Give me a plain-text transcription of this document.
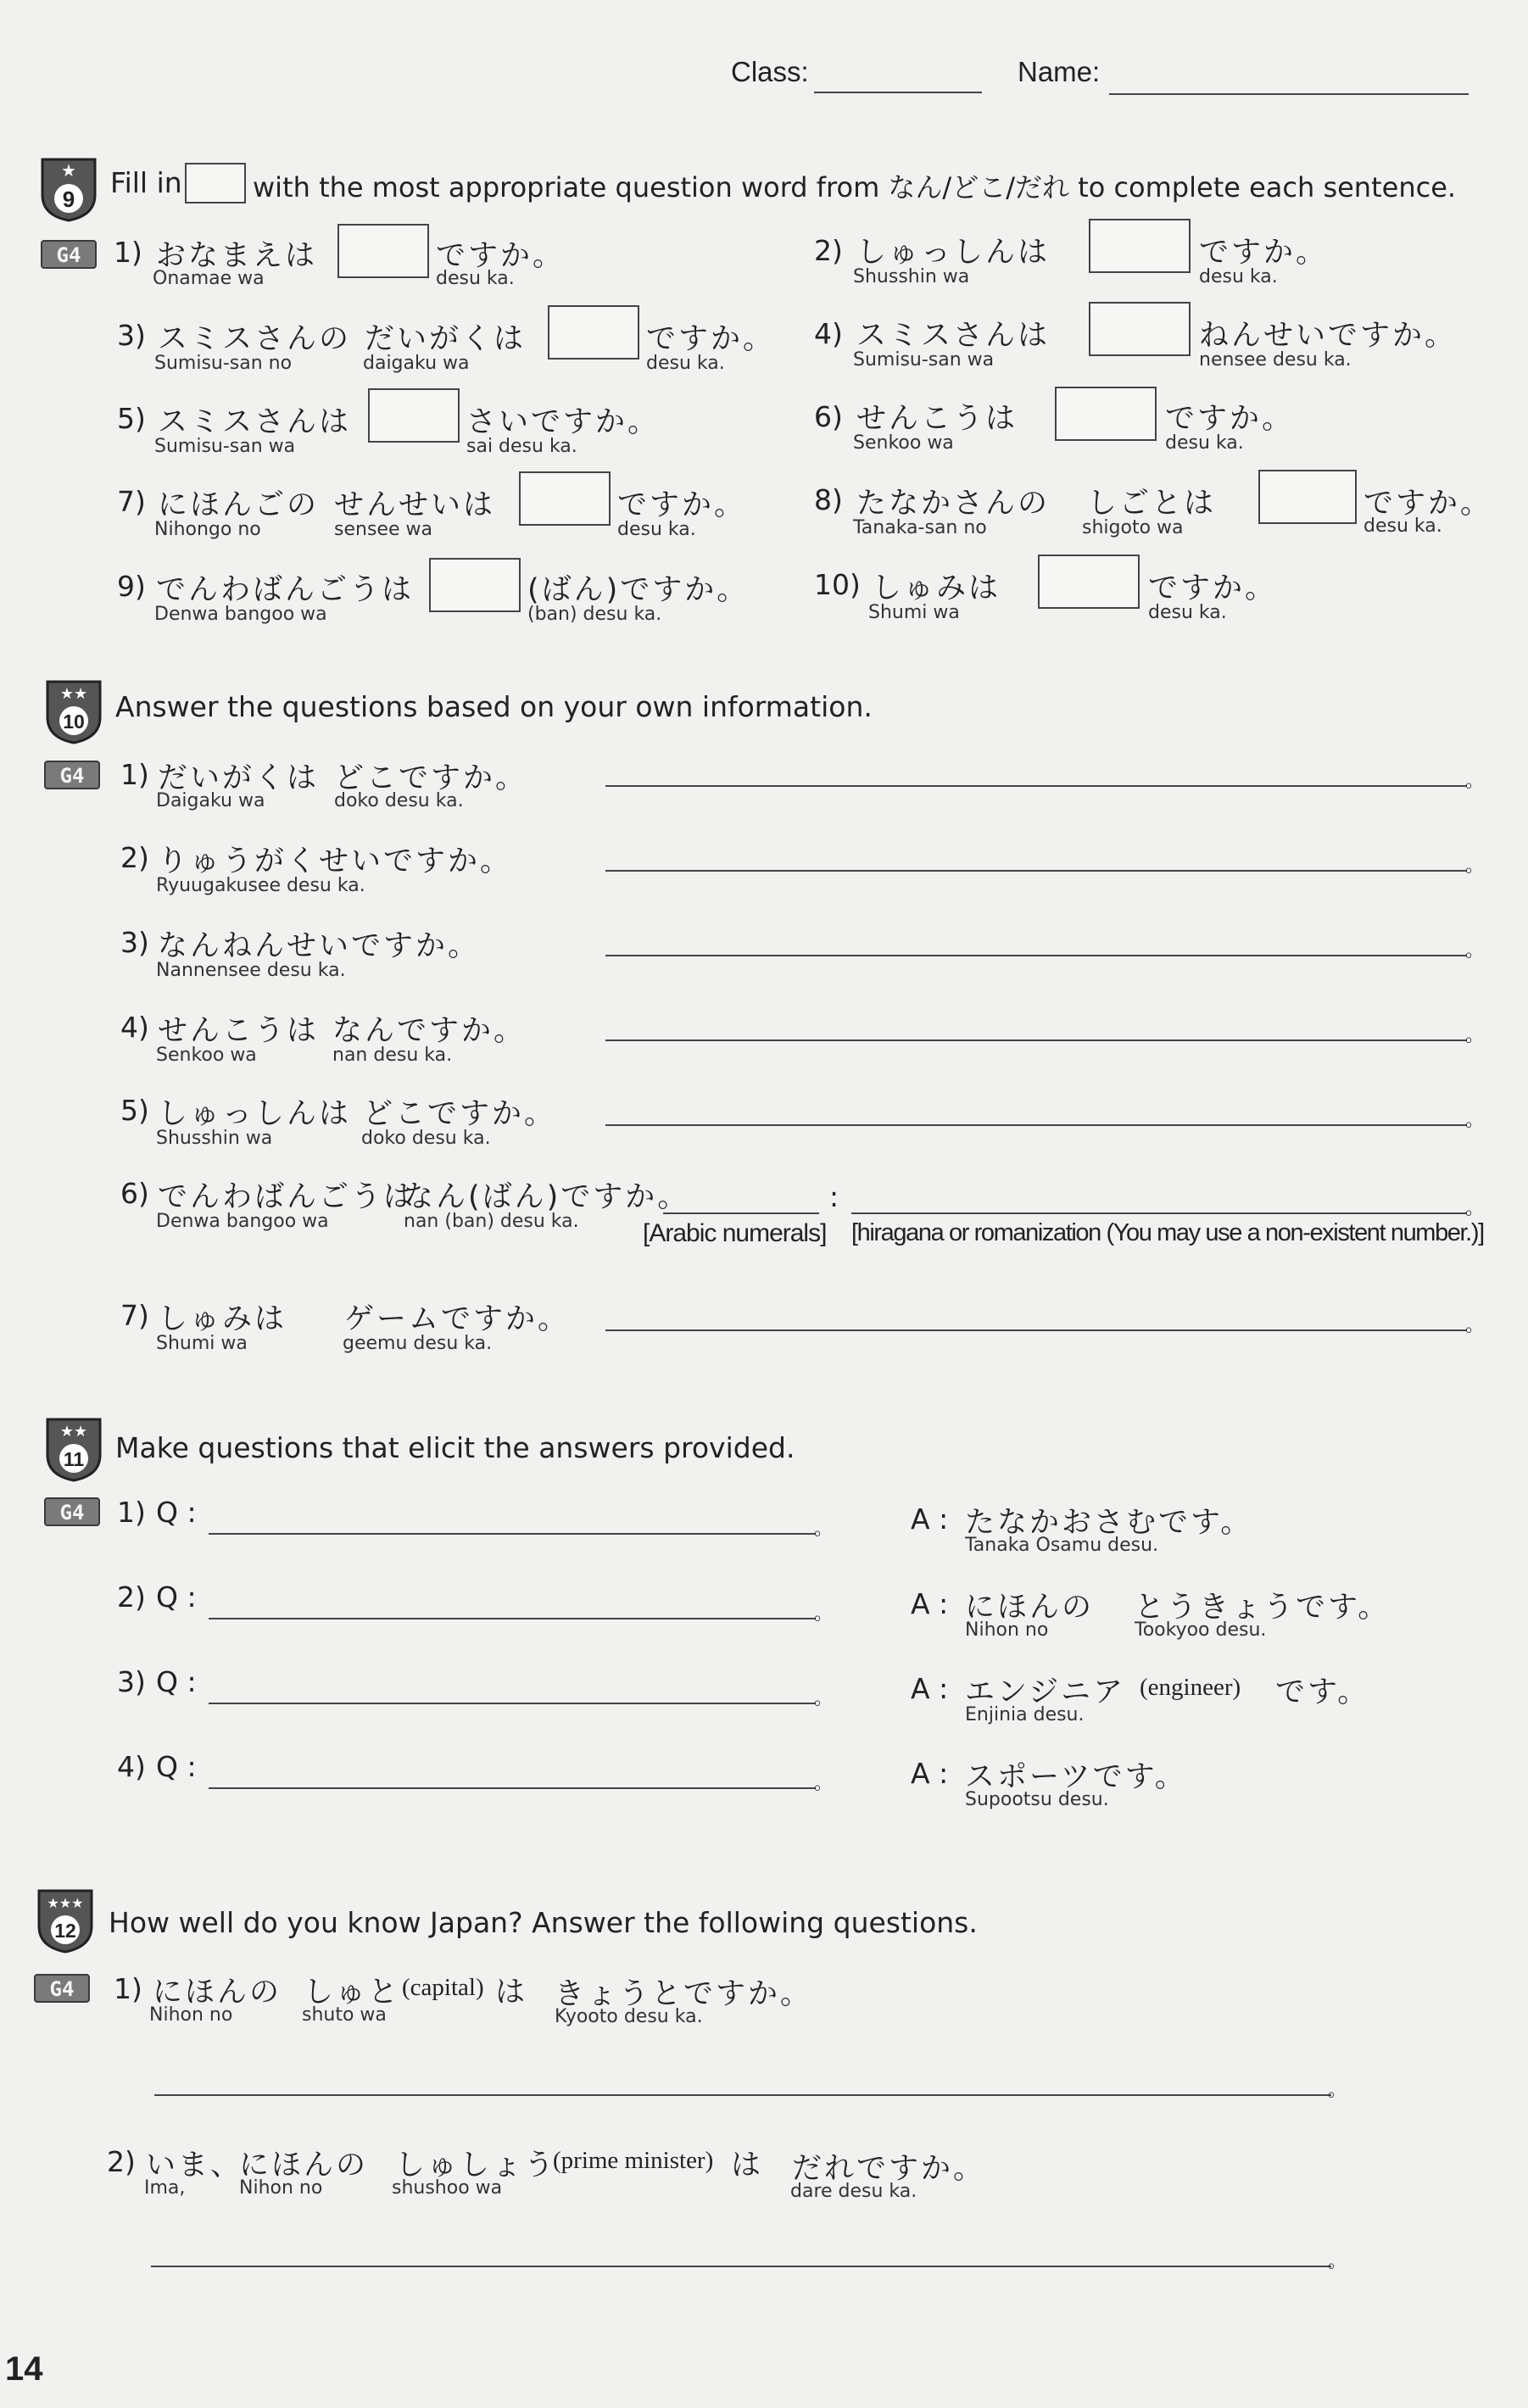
Class:	Name:
★
9 Fill in	with the most appropriate question word from なん/どこ/だれ to complete each sentence.
G4	1) おなまえは
Onamae wa
ですか。
desu ka.
2) しゅっしんは
Shusshin wa
ですか。
desu ka.
3) スミスさんの
Sumisu-san no
だいがくは
daigaku wa
ですか。
desu ka.
4) スミスさんは
Sumisu-san wa
ねんせいですか。
nensee desu ka.
5) スミスさんは
Sumisu-san wa
さいですか。
sai desu ka.
6) せんこうは
Senkoo wa
ですか。
desu ka.
7) にほんごの
Nihongo no
せんせいは
sensee wa
ですか。
desu ka.
8) たなかさんの
Tanaka-san no
しごとは
shigoto wa
ですか。
desu ka.
9) でんわばんごうは
Denwa bangoo wa
(ばん)ですか。
(ban) desu ka.
10) しゅみは
Shumi wa
ですか。
desu ka.
★★
10 Answer the questions based on your own information.
G4	1) だいがくは
Daigaku wa
どこですか。
doko desu ka.
。
2) りゅうがくせいですか。
Ryuugakusee desu ka.
。
3) なんねんせいですか。
Nannensee desu ka.
。
4) せんこうは
Senkoo wa
なんですか。
nan desu ka.
。
5) しゅっしんは
Shusshin wa
どこですか。
doko desu ka.
。
6) でんわばんごうは
Denwa bangoo wa
なん(ばん)ですか。
nan (ban) desu ka.
:	。
[Arabic numerals] [hiragana or romanization (You may use a non-existent number.)]
7) しゅみは
Shumi wa
ゲームですか。
geemu desu ka.
。
★★
11 Make questions that elicit the answers provided.
G4	1) Q :
。	A : たなかおさむです。
Tanaka Osamu desu.
2) Q :
。	A : にほんの
Nihon no
とうきょうです。
Tookyoo desu.
3) Q :
。	A : エンジニア (engineer) です。
Enjinia desu.
4) Q :
。	A : スポーツです。
Supootsu desu.
★★★
12 How well do you know Japan? Answer the following questions.
G4	1) にほんの
Nihon no
しゅと (capital) は
shuto wa
きょうとですか。
Kyooto desu ka.
。
2) いま、
Ima,
にほんの
Nihon no
しゅしょう
(prime minister) は
shushoo wa
だれですか。
dare desu ka.
。
14
